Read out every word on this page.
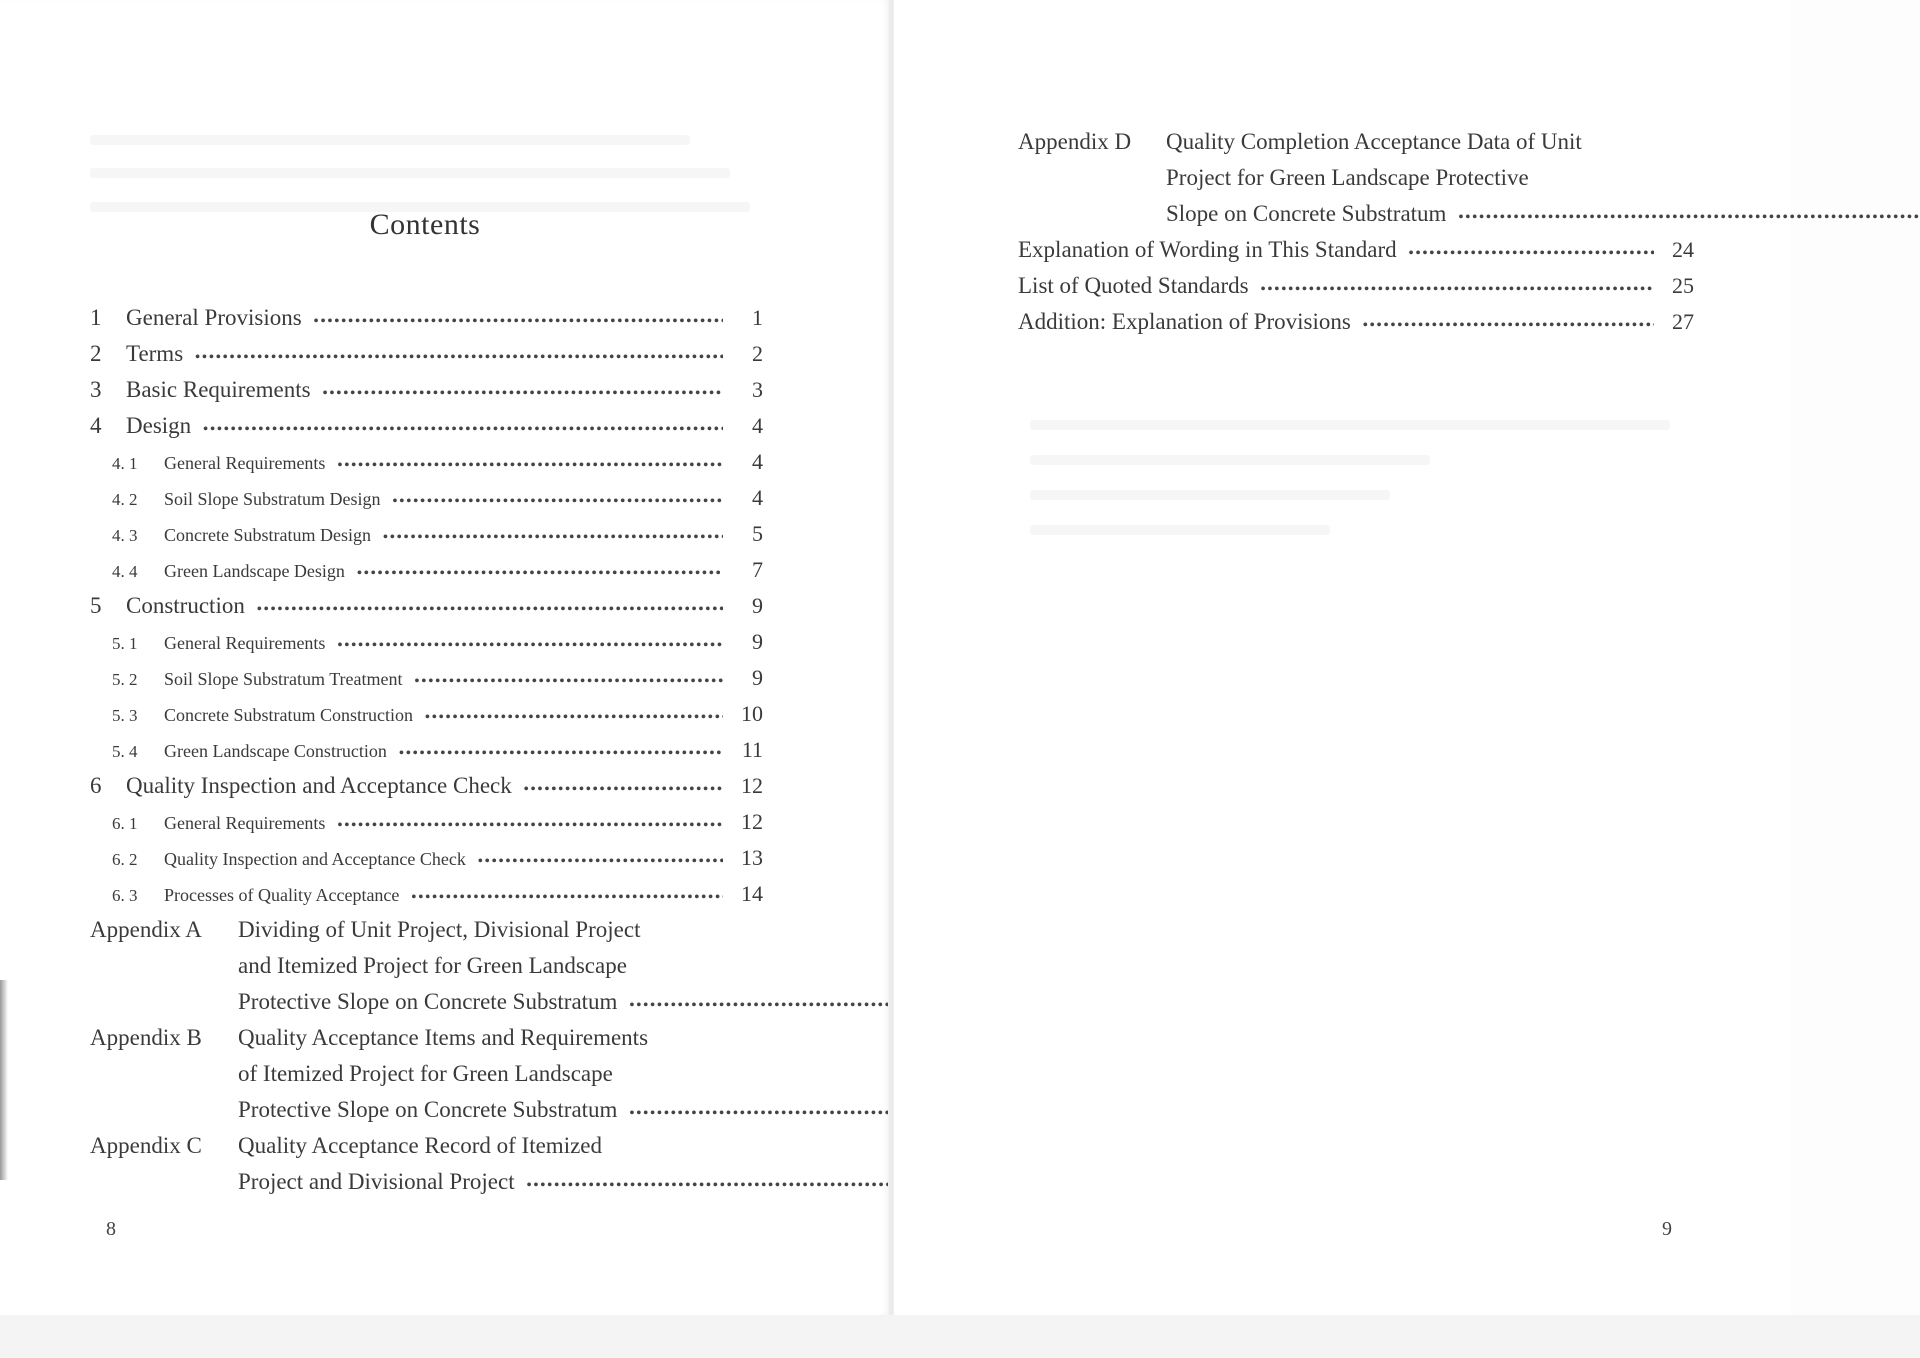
Contents
1	General Provisions •••••	1
2	Terms •••••	2
3	Basic Requirements •••••	3
4	Design •••••	4
4. 1	General Requirements •••••	4
4. 2	Soil Slope Substratum Design •••••	4
4. 3	Concrete Substratum Design •••••	5
4. 4	Green Landscape Design •••••	7
5	Construction •••••	9
5. 1	General Requirements •••••	9
5. 2	Soil Slope Substratum Treatment •••••	9
5. 3	Concrete Substratum Construction •••••	10
5. 4	Green Landscape Construction •••••	11
6	Quality Inspection and Acceptance Check •••••	12
6. 1	General Requirements •••••	12
6. 2	Quality Inspection and Acceptance Check •••••	13
6. 3	Processes of Quality Acceptance •••••	14
Appendix A	Dividing of Unit Project, Divisional Project
and Itemized Project for Green Landscape
Protective Slope on Concrete Substratum
•••••
Appendix B	Quality Acceptance Items and Requirements
of Itemized Project for Green Landscape
Protective Slope on Concrete Substratum
•••••
Appendix C	Quality Acceptance Record of Itemized
Project and Divisional Project
•••••
8	9
Appendix D	Quality Completion Acceptance Data of Unit
Project for Green Landscape Protective
Slope on Concrete Substratum
•••••
Explanation of Wording in This Standard •••••	24
List of Quoted Standards •••••	25
Addition: Explanation of Provisions •••••	27
